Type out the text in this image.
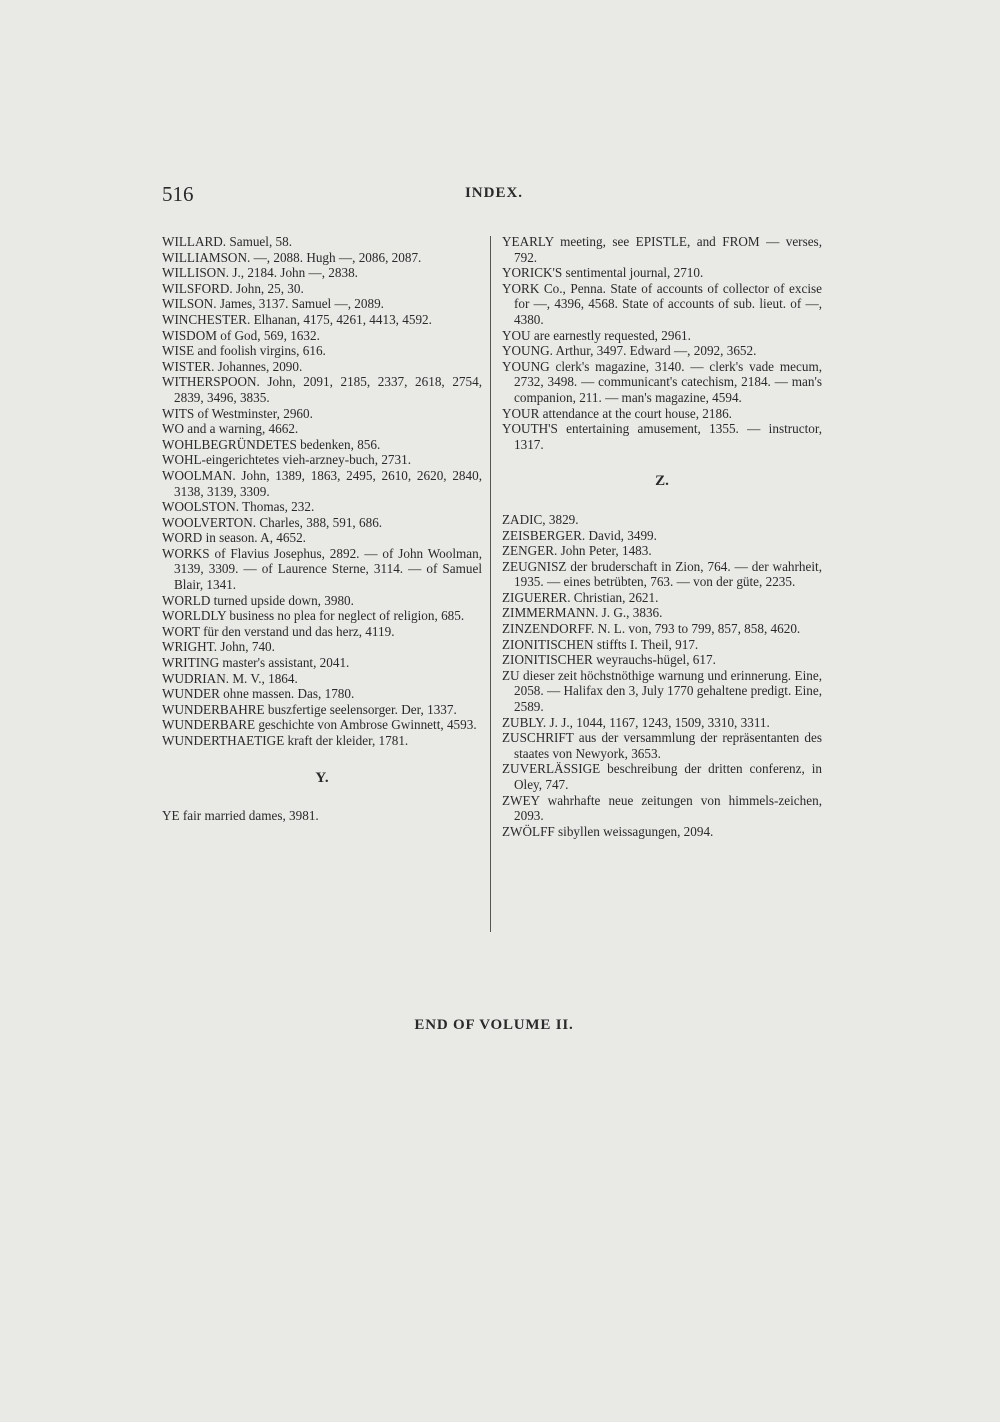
516	INDEX.

WILLARD. Samuel, 58.

WILLIAMSON. —, 2088. Hugh —, 2086, 2087.

WILLISON. J., 2184. John —, 2838.

WILSFORD. John, 25, 30.

WILSON. James, 3137. Samuel —, 2089.

WINCHESTER. Elhanan, 4175, 4261, 4413, 4592.

WISDOM of God, 569, 1632.

WISE and foolish virgins, 616.

WISTER. Johannes, 2090.

WITHERSPOON. John, 2091, 2185, 2337, 2618, 2754, 2839, 3496, 3835.

WITS of Westminster, 2960.

WO and a warning, 4662.

WOHLBEGRÜNDETES bedenken, 856.

WOHL-eingerichtetes vieh-arzney-buch, 2731.

WOOLMAN. John, 1389, 1863, 2495, 2610, 2620, 2840, 3138, 3139, 3309.

WOOLSTON. Thomas, 232.

WOOLVERTON. Charles, 388, 591, 686.

WORD in season. A, 4652.

WORKS of Flavius Josephus, 2892. — of John Woolman, 3139, 3309. — of Laurence Sterne, 3114. — of Samuel Blair, 1341.

WORLD turned upside down, 3980.

WORLDLY business no plea for neglect of religion, 685.

WORT für den verstand und das herz, 4119.

WRIGHT. John, 740.

WRITING master's assistant, 2041.

WUDRIAN. M. V., 1864.

WUNDER ohne massen. Das, 1780.

WUNDERBAHRE buszfertige seelensorger. Der, 1337.

WUNDERBARE geschichte von Ambrose Gwinnett, 4593.

WUNDERTHAETIGE kraft der kleider, 1781.

Y.

YE fair married dames, 3981.

YEARLY meeting, see EPISTLE, and FROM — verses, 792.

YORICK'S sentimental journal, 2710.

YORK Co., Penna. State of accounts of collector of excise for —, 4396, 4568. State of accounts of sub. lieut. of —, 4380.

YOU are earnestly requested, 2961.

YOUNG. Arthur, 3497. Edward —, 2092, 3652.

YOUNG clerk's magazine, 3140. — clerk's vade mecum, 2732, 3498. — communicant's catechism, 2184. — man's companion, 211. — man's magazine, 4594.

YOUR attendance at the court house, 2186.

YOUTH'S entertaining amusement, 1355. — instructor, 1317.

Z.

ZADIC, 3829.

ZEISBERGER. David, 3499.

ZENGER. John Peter, 1483.

ZEUGNISZ der bruderschaft in Zion, 764. — der wahrheit, 1935. — eines betrübten, 763. — von der güte, 2235.

ZIGUERER. Christian, 2621.

ZIMMERMANN. J. G., 3836.

ZINZENDORFF. N. L. von, 793 to 799, 857, 858, 4620.

ZIONITISCHEN stiffts I. Theil, 917.

ZIONITISCHER weyrauchs-hügel, 617.

ZU dieser zeit höchstnöthige warnung und erinnerung. Eine, 2058. — Halifax den 3, July 1770 gehaltene predigt. Eine, 2589.

ZUBLY. J. J., 1044, 1167, 1243, 1509, 3310, 3311.

ZUSCHRIFT aus der versammlung der repräsentanten des staates von Newyork, 3653.

ZUVERLÄSSIGE beschreibung der dritten conferenz, in Oley, 747.

ZWEY wahrhafte neue zeitungen von himmels-zeichen, 2093.

ZWÖLFF sibyllen weissagungen, 2094.

END OF VOLUME II.
